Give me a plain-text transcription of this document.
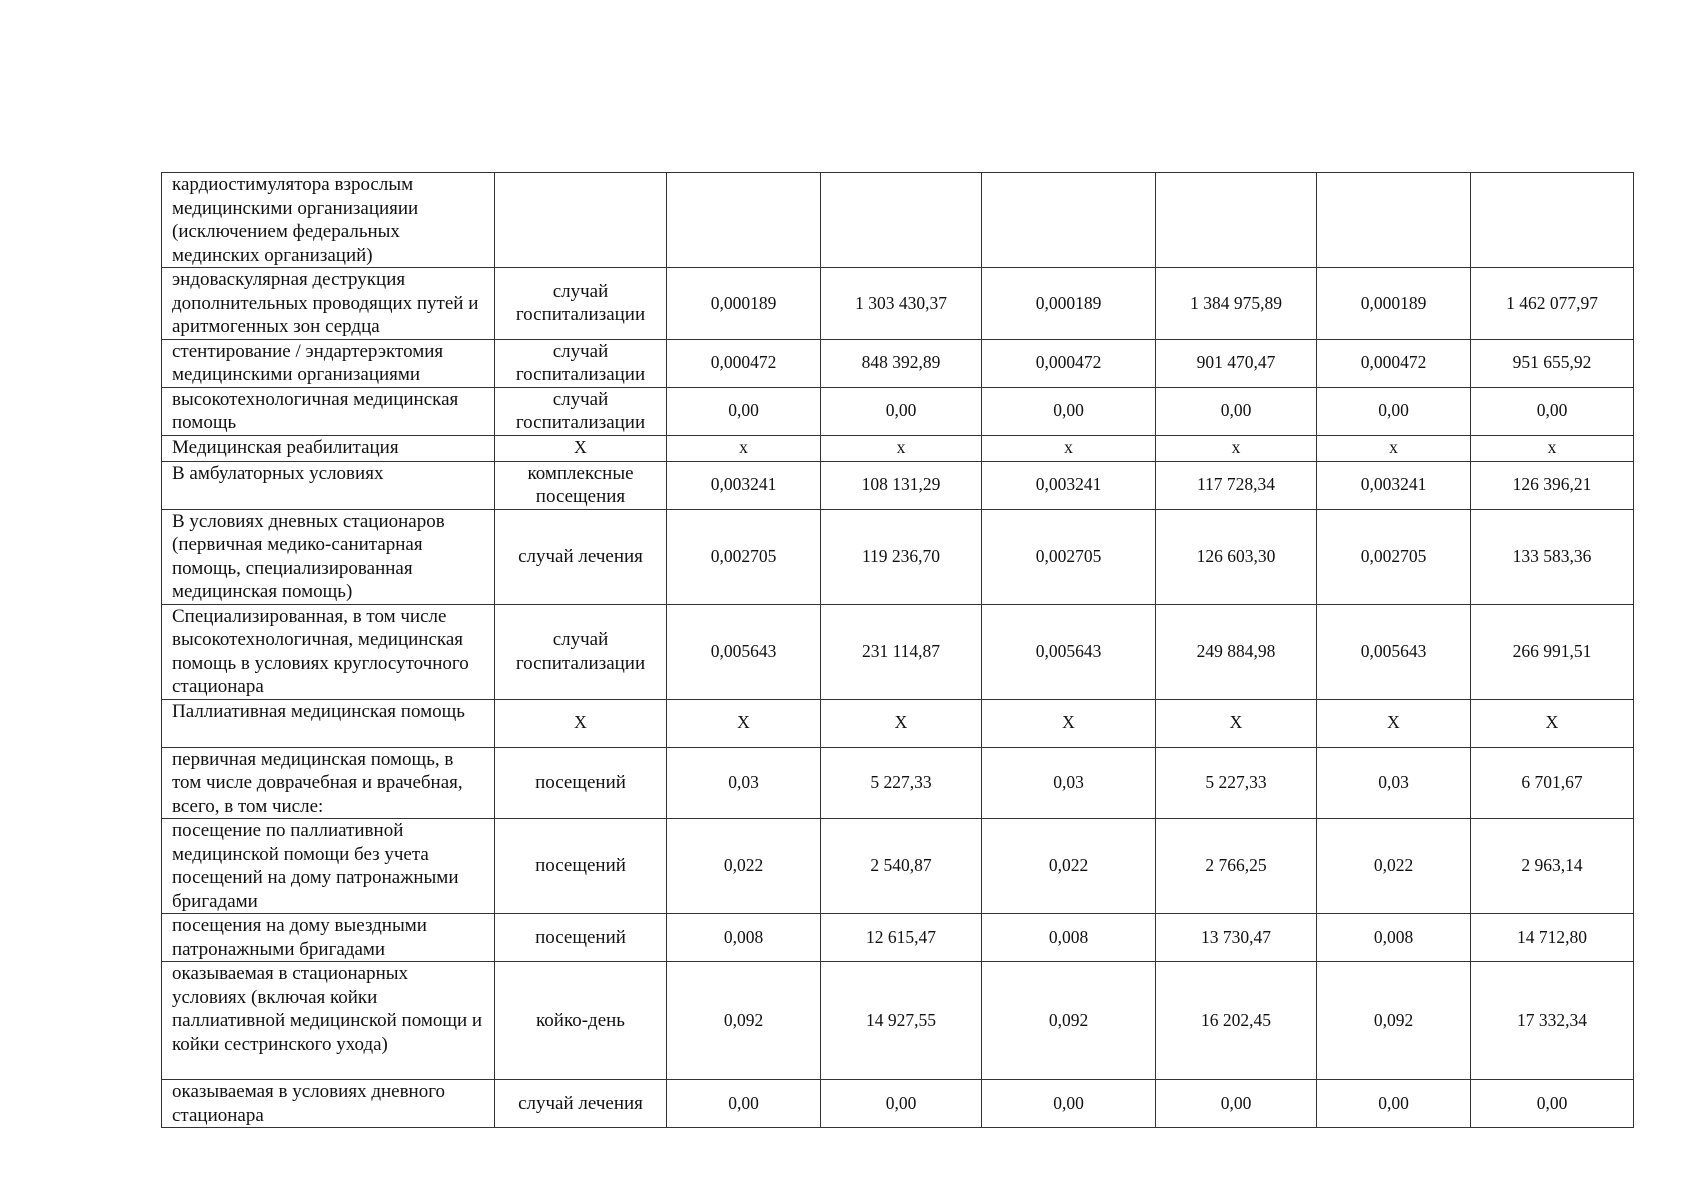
кардиостимулятора взрослым медицинскими организацияии (исключением федеральных мединских организаций)							
эндоваскулярная деструкция дополнительных проводящих путей и аритмогенных зон сердца	случай госпитализации	0,000189	1 303 430,37	0,000189	1 384 975,89	0,000189	1 462 077,97
стентирование / эндартерэктомия медицинскими организациями	случай госпитализации	0,000472	848 392,89	0,000472	901 470,47	0,000472	951 655,92
высокотехнологичная медицинская помощь	случай госпитализации	0,00	0,00	0,00	0,00	0,00	0,00
Медицинская реабилитация	Х	х	х	х	х	х	х
В амбулаторных условиях	комплексные посещения	0,003241	108 131,29	0,003241	117 728,34	0,003241	126 396,21
В условиях дневных стационаров (первичная медико-санитарная помощь, специализированная медицинская помощь)	случай лечения	0,002705	119 236,70	0,002705	126 603,30	0,002705	133 583,36
Специализированная, в том числе высокотехнологичная, медицинская помощь в условиях круглосуточного стационара	случай госпитализации	0,005643	231 114,87	0,005643	249 884,98	0,005643	266 991,51
Паллиативная медицинская помощь	Х	Х	Х	Х	Х	Х	Х
первичная медицинская помощь, в том числе доврачебная и врачебная, всего, в том числе:	посещений	0,03	5 227,33	0,03	5 227,33	0,03	6 701,67
посещение по паллиативной медицинской помощи без учета посещений на дому патронажными бригадами	посещений	0,022	2 540,87	0,022	2 766,25	0,022	2 963,14
посещения на дому выездными патронажными бригадами	посещений	0,008	12 615,47	0,008	13 730,47	0,008	14 712,80
оказываемая в стационарных условиях (включая койки паллиативной медицинской помощи и койки сестринского ухода)	койко-день	0,092	14 927,55	0,092	16 202,45	0,092	17 332,34
оказываемая в условиях дневного стационара	случай лечения	0,00	0,00	0,00	0,00	0,00	0,00
